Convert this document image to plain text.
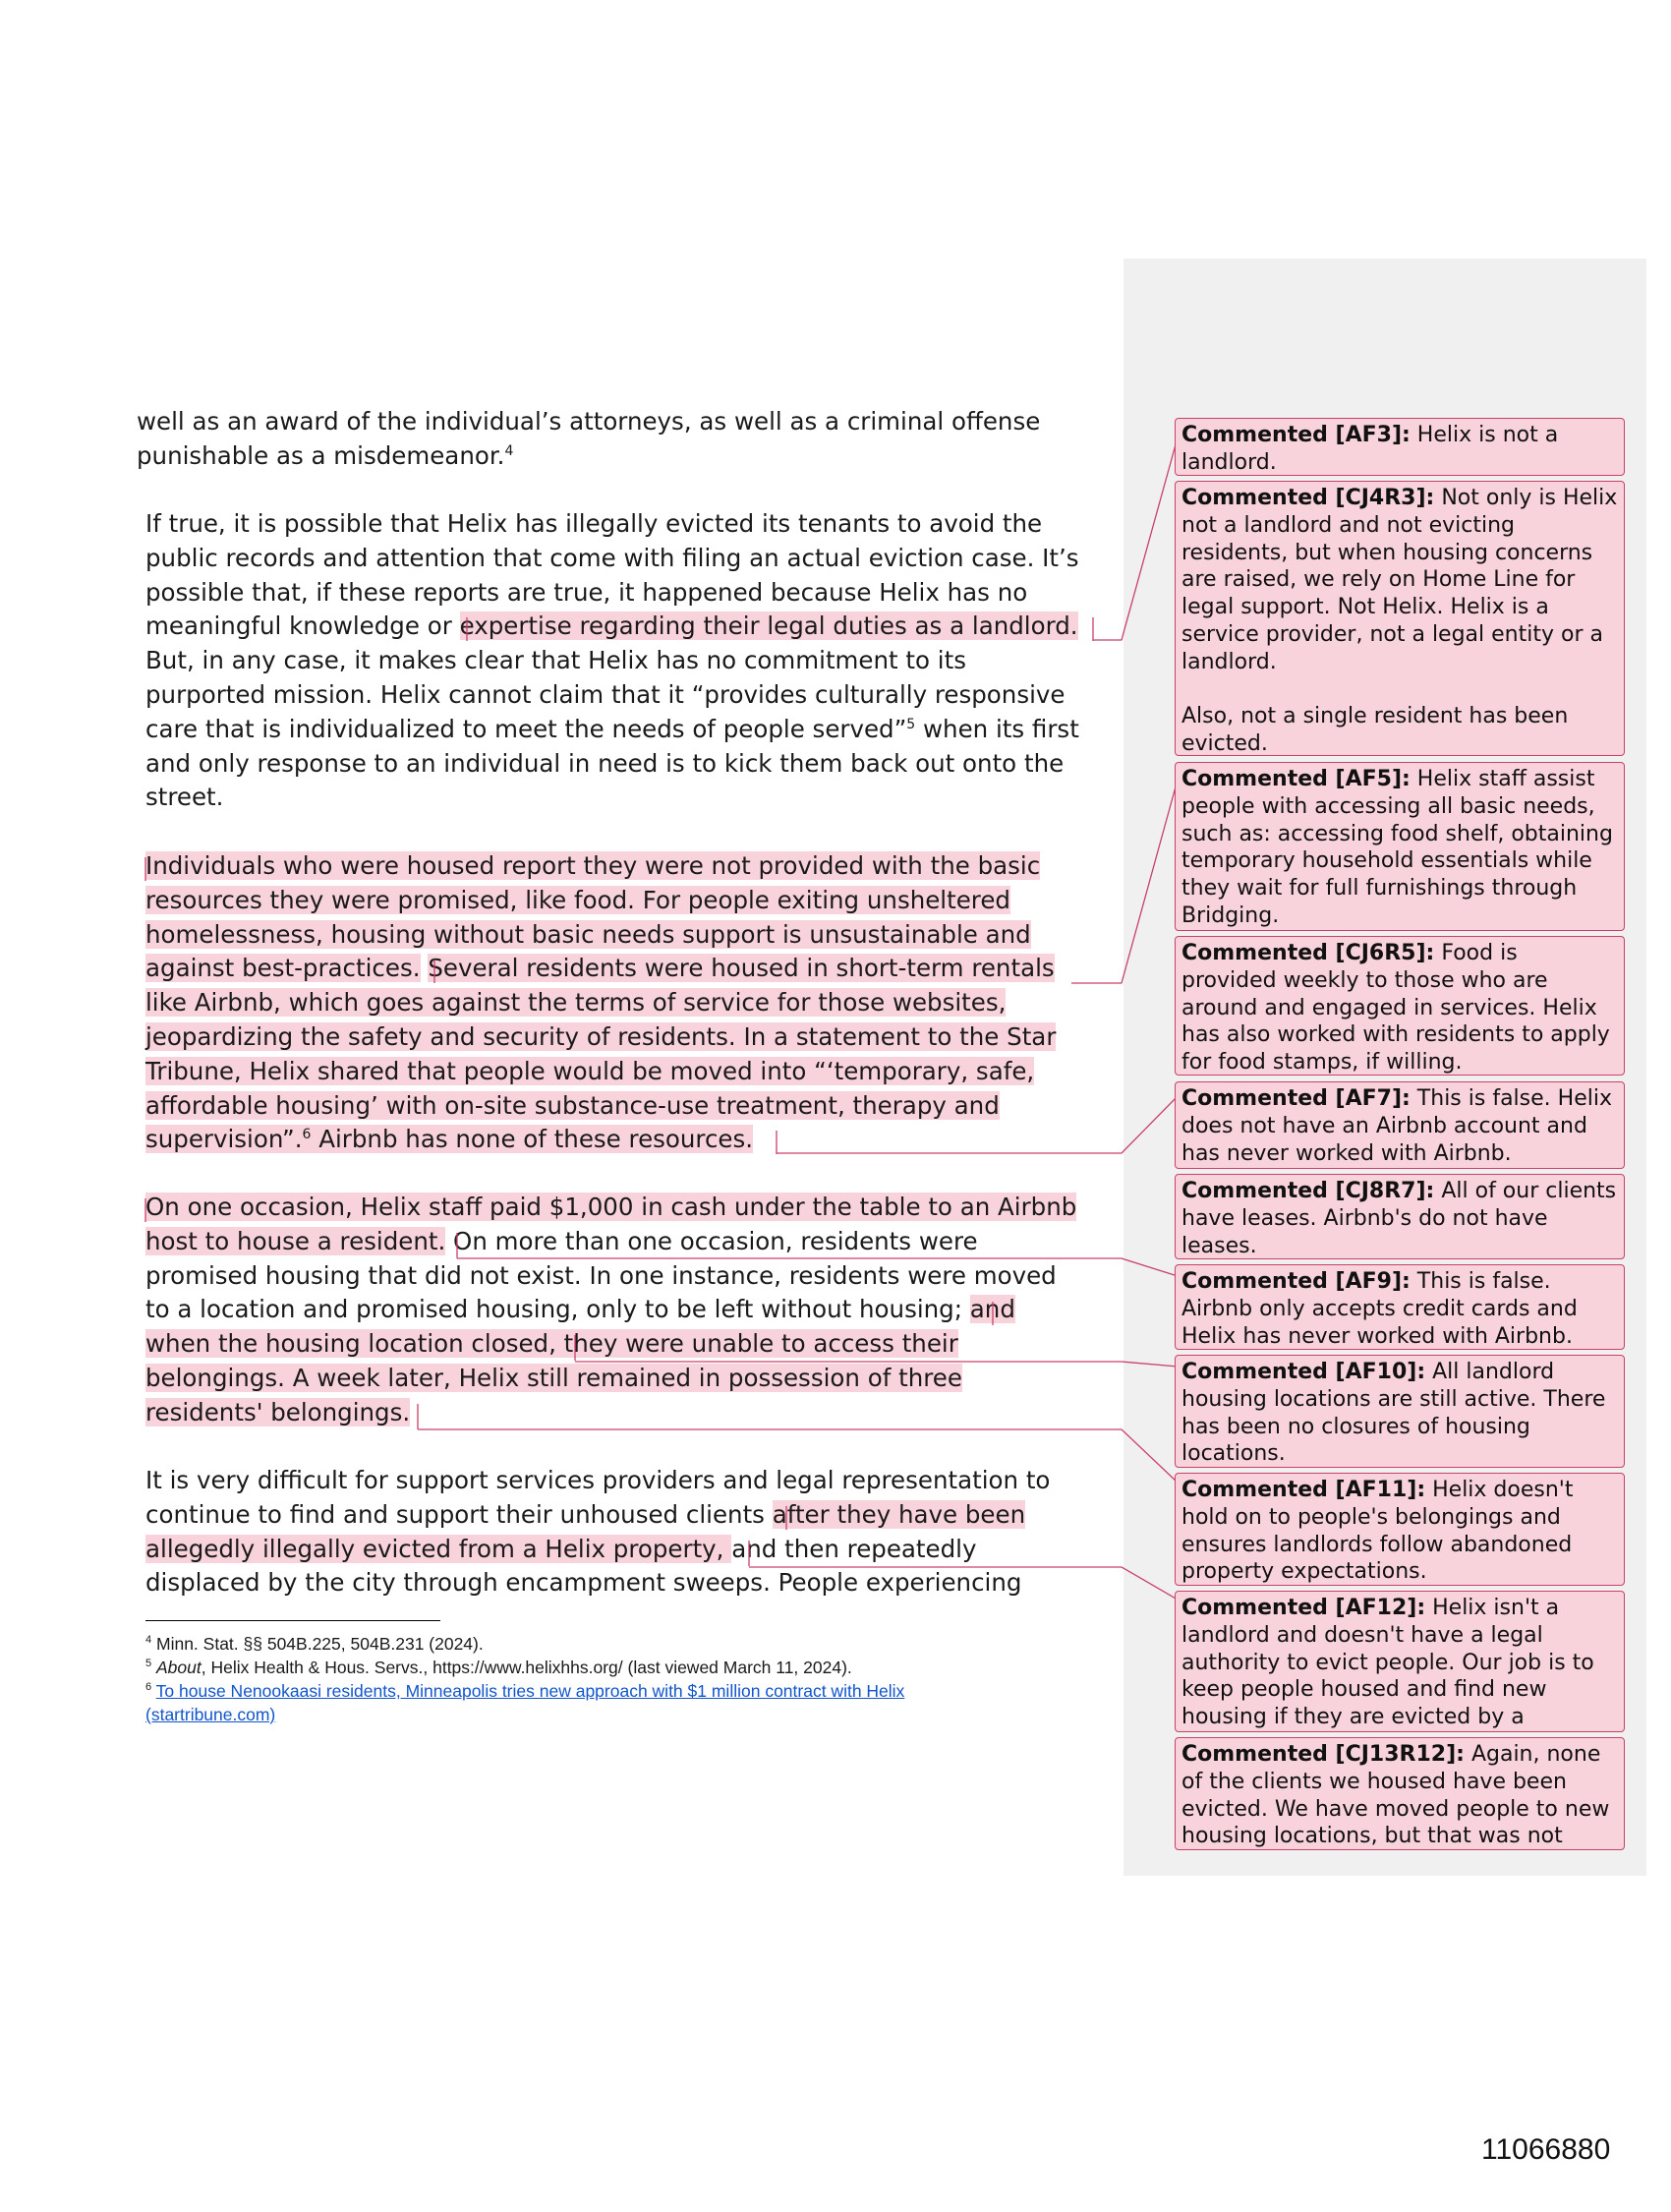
well as an award of the individual’s attorneys, as well as a criminal offense
punishable as a misdemeanor.$^4$
If true, it is possible that Helix has illegally evicted its tenants to avoid the
public records and attention that come with filing an actual eviction case. It’s
possible that, if these reports are true, it happened because Helix has no
meaningful knowledge or expertise regarding their legal duties as a landlord.
But, in any case, it makes clear that Helix has no commitment to its
purported mission. Helix cannot claim that it “provides culturally responsive
care that is individualized to meet the needs of people served”$^5$ when its first
and only response to an individual in need is to kick them back out onto the
street.
Individuals who were housed report they were not provided with the basic
resources they were promised, like food. For people exiting unsheltered
homelessness, housing without basic needs support is unsustainable and
against best-practices. Several residents were housed in short-term rentals
like Airbnb, which goes against the terms of service for those websites,
jeopardizing the safety and security of residents. In a statement to the Star
Tribune, Helix shared that people would be moved into “‘temporary, safe,
affordable housing’ with on-site substance-use treatment, therapy and
supervision”.$^6$ Airbnb has none of these resources.
On one occasion, Helix staff paid $1,000 in cash under the table to an Airbnb
host to house a resident. On more than one occasion, residents were
promised housing that did not exist. In one instance, residents were moved
to a location and promised housing, only to be left without housing; and
when the housing location closed, they were unable to access their
belongings. A week later, Helix still remained in possession of three
residents' belongings.
It is very difficult for support services providers and legal representation to
continue to find and support their unhoused clients after they have been
allegedly illegally evicted from a Helix property, and then repeatedly
displaced by the city through encampment sweeps. People experiencing
$^4$ Minn. Stat. §§ 504B.225, 504B.231 (2024).
$^5$ About, Helix Health & Hous. Servs., https://www.helixhhs.org/ (last viewed March 11, 2024).
$^6$ To house Nenookaasi residents, Minneapolis tries new approach with $1 million contract with Helix
(startribune.com)
Commented [AF3]: Helix is not a landlord.
Commented [CJ4R3]: Not only is Helix not a landlord and not evicting residents, but when housing concerns are raised, we rely on Home Line for legal support. Not Helix. Helix is a service provider, not a legal entity or a landlord.
Also, not a single resident has been evicted.
Commented [AF5]: Helix staff assist people with accessing all basic needs, such as: accessing food shelf, obtaining temporary household essentials while they wait for full furnishings through Bridging.
Commented [CJ6R5]: Food is provided weekly to those who are around and engaged in services. Helix has also worked with residents to apply for food stamps, if willing.
Commented [AF7]: This is false. Helix does not have an Airbnb account and has never worked with Airbnb.
Commented [CJ8R7]: All of our clients have leases. Airbnb's do not have leases.
Commented [AF9]: This is false. Airbnb only accepts credit cards and Helix has never worked with Airbnb.
Commented [AF10]: All landlord housing locations are still active. There has been no closures of housing locations.
Commented [AF11]: Helix doesn't hold on to people's belongings and ensures landlords follow abandoned property expectations.
Commented [AF12]: Helix isn't a landlord and doesn't have a legal authority to evict people. Our job is to keep people housed and find new housing if they are evicted by a
Commented [CJ13R12]: Again, none of the clients we housed have been evicted. We have moved people to new housing locations, but that was not
11066880
